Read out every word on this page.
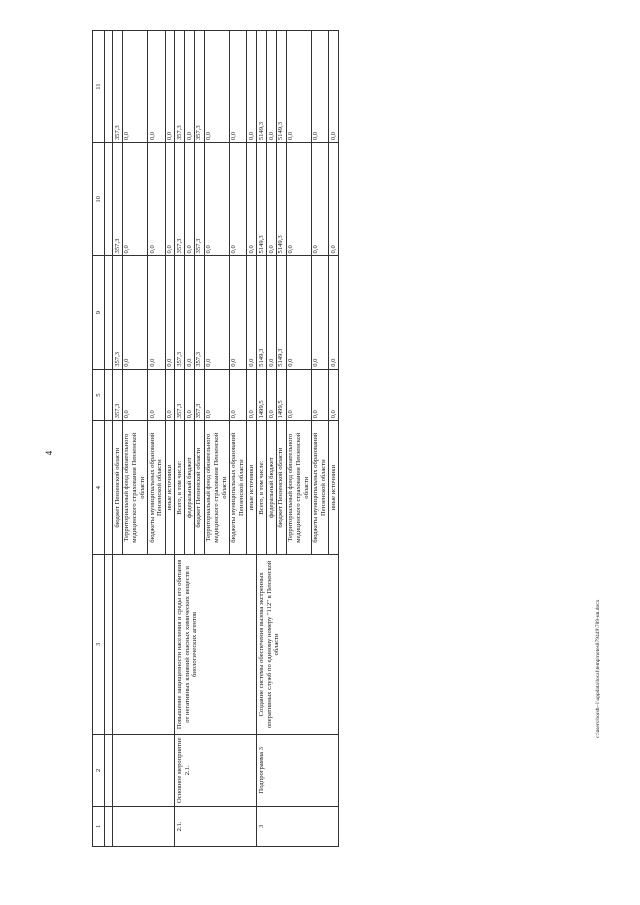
4
1	2	3	4	5	9	10	11

			бюджет Пензенской области	357,3	357,3	357,3	357,3
			Территориальный фонд обязательного медицинского страхования Пензенской области	0,0	0,0	0,0	0,0
			бюджеты муниципальных образований Пензенской области	0,0	0,0	0,0	0,0
			иные источники	0,0	0,0	0,0	0,0
2.1.	Основное мероприятие 2.1.	Повышение защищенности населения и среды его обитания от негативных влияний опасных химических веществ и биологических агентов	Всего, в том числе:	357,3	357,3	357,3	357,3
			федеральный бюджет	0,0	0,0	0,0	0,0
			бюджет Пензенской области	357,3	357,3	357,3	357,3
			Территориальный фонд обязательного медицинского страхования Пензенской области	0,0	0,0	0,0	0,0
			бюджеты муниципальных образований Пензенской области	0,0	0,0	0,0	0,0
			иные источники	0,0	0,0	0,0	0,0
3	Подпрограмма 3	Создание системы обеспечения вызова экстренных оперативных служб по единому номеру "112" в Пензенской области	Всего, в том числе:	1499,5	5149,3	5149,3	5149,3
			федеральный бюджет	0,0	0,0	0,0	0,0
			бюджет Пензенской области	1499,5	5149,3	5149,3	5149,3
			Территориальный фонд обязательного медицинского страхования Пензенской области	0,0	0,0	0,0	0,0
			бюджеты муниципальных образований Пензенской области	0,0	0,0	0,0	0,0
			иные источники	0,0	0,0	0,0	0,0
c:\users\borsh~1\appdata\local\temp\notes879449\789-un.docx
